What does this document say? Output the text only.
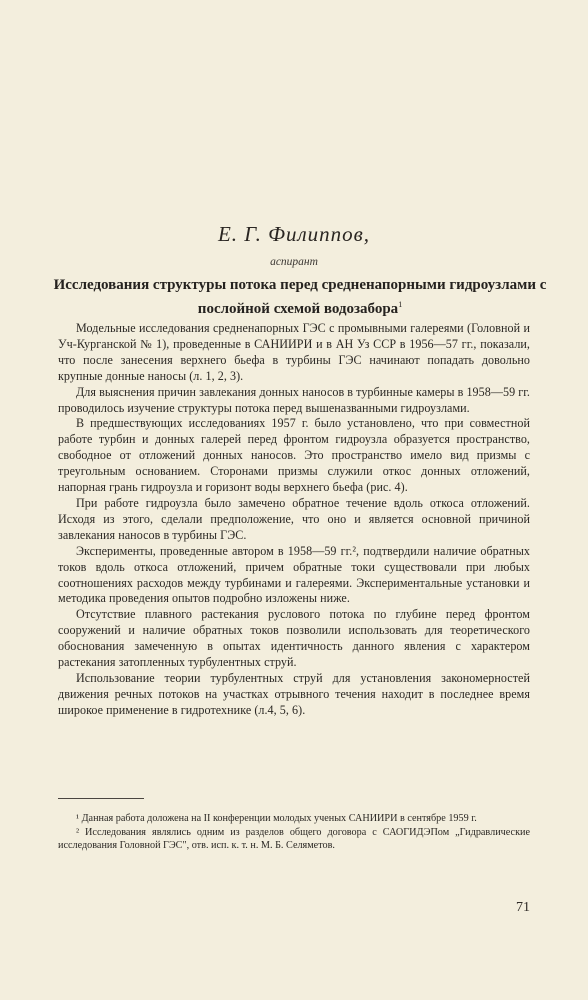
Е. Г. Филиппов,
аспирант
Исследования структуры потока перед средненапорными гидроузлами с послойной схемой водозабора$^1$

Модельные исследования средненапорных ГЭС с промывными галереями (Головной и Уч-Курганской № 1), проведенные в САНИИРИ и в АН Уз ССР в 1956—57 гг., показали, что после занесения верхнего бьефа в турбины ГЭС начинают попадать довольно крупные донные наносы (л. 1, 2, 3).

Для выяснения причин завлекания донных наносов в турбинные камеры в 1958—59 гг. проводилось изучение структуры потока перед вышеназванными гидроузлами.

В предшествующих исследованиях 1957 г. было установлено, что при совместной работе турбин и донных галерей перед фронтом гидроузла образуется пространство, свободное от отложений донных наносов. Это пространство имело вид призмы с треугольным основанием. Сторонами призмы служили откос донных отложений, напорная грань гидроузла и горизонт воды верхнего бьефа (рис. 4).

При работе гидроузла было замечено обратное течение вдоль откоса отложений. Исходя из этого, сделали предположение, что оно и является основной причиной завлекания наносов в турбины ГЭС.

Эксперименты, проведенные автором в 1958—59 гг.², подтвердили наличие обратных токов вдоль откоса отложений, причем обратные токи существовали при любых соотношениях расходов между турбинами и галереями. Экспериментальные установки и методика проведения опытов подробно изложены ниже.

Отсутствие плавного растекания руслового потока по глубине перед фронтом сооружений и наличие обратных токов позволили использовать для теоретического обоснования замеченную в опытах идентичность данного явления с характером растекания затопленных турбулентных струй.

Использование теории турбулентных струй для установления закономерностей движения речных потоков на участках отрывного течения находит в последнее время широкое применение в гидротехнике (л.4, 5, 6).

¹ Данная работа доложена на II конференции молодых ученых САНИИРИ в сентябре 1959 г.

² Исследования являлись одним из разделов общего договора с САОГИДЭПом „Гидравлические исследования Головной ГЭС", отв. исп. к. т. н. М. Б. Селяметов.

71
